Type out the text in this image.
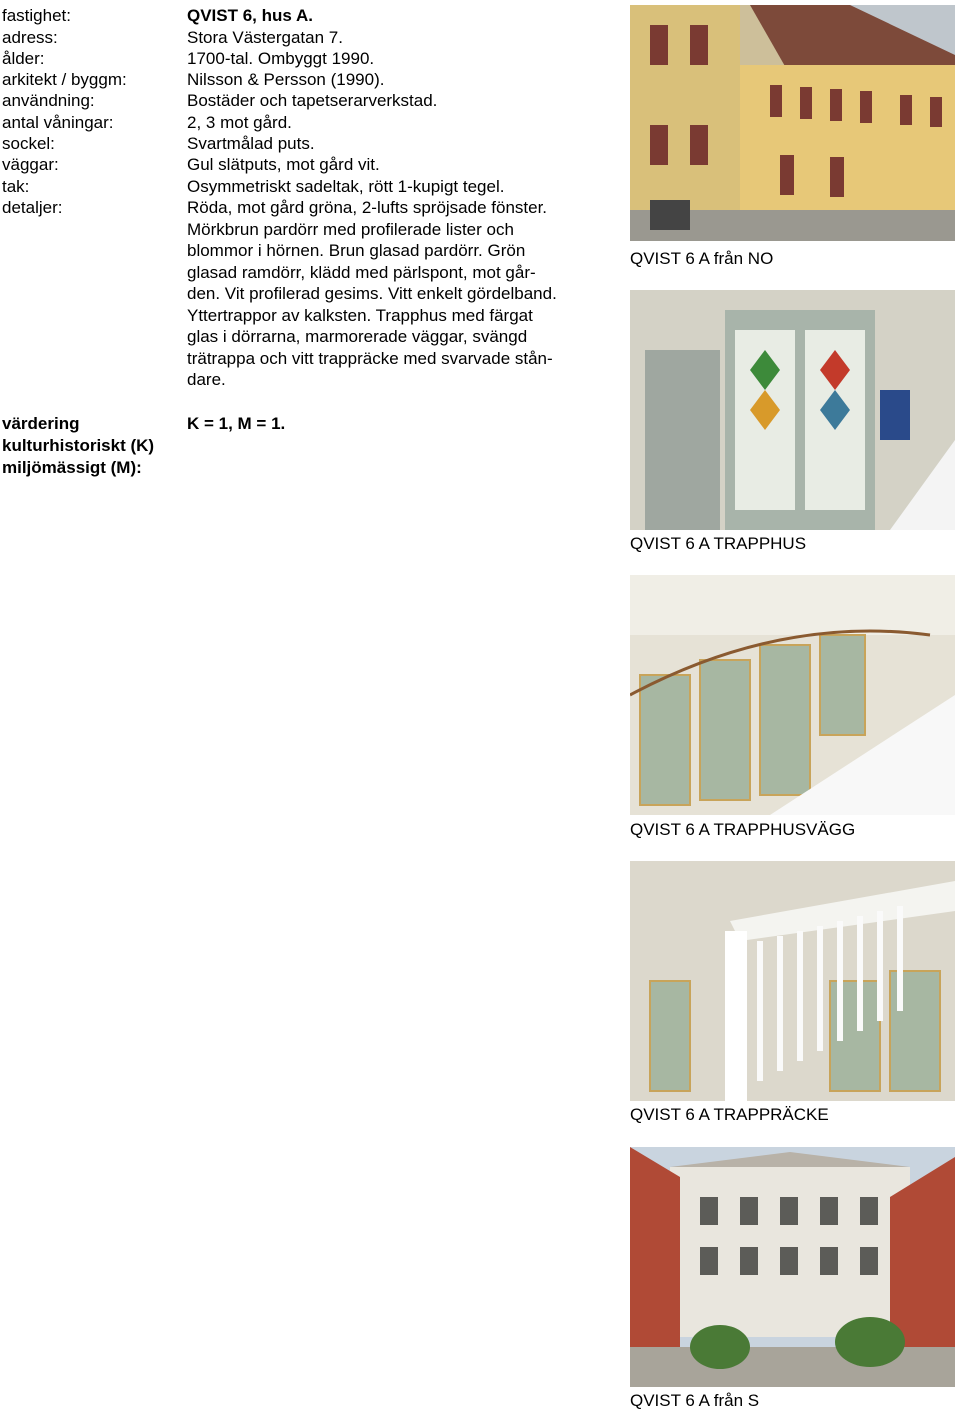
fastighet:	QVIST 6, hus A.
adress:	Stora Västergatan 7.
ålder:	1700-tal. Ombyggt 1990.
arkitekt / byggm:	Nilsson & Persson (1990).
användning:	Bostäder och tapetserarverkstad.
antal våningar:	2, 3 mot gård.
sockel:	Svartmålad puts.
väggar:	Gul slätputs, mot gård vit.
tak:	Osymmetriskt sadeltak, rött 1-kupigt tegel.
detaljer:	Röda, mot gård gröna, 2-lufts spröjsade fönster.
Mörkbrun pardörr med profilerade lister och
blommor i hörnen. Brun glasad pardörr. Grön
glasad ramdörr, klädd med pärlspont, mot går-
den. Vit profilerad gesims. Vitt enkelt gördelband.
Yttertrappor av kalksten. Trapphus med färgat
glas i dörrarna, marmorerade väggar, svängd
trätrappa och vitt trappräcke med svarvade stån-
dare.
värdering	K = 1, M = 1.
kulturhistoriskt (K)
miljömässigt (M):
QVIST 6 A från NO
QVIST 6 A TRAPPHUS
QVIST 6 A TRAPPHUSVÄGG
QVIST 6 A TRAPPRÄCKE
QVIST 6 A från S
